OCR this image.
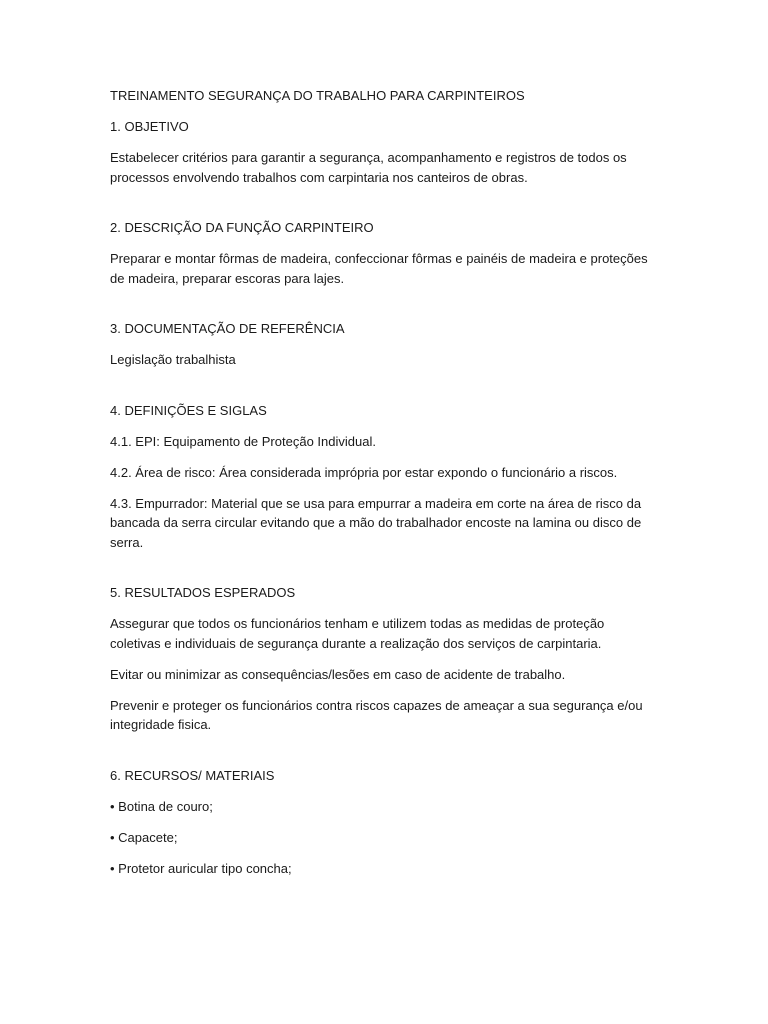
TREINAMENTO SEGURANÇA DO TRABALHO PARA CARPINTEIROS

1. OBJETIVO

Estabelecer critérios para garantir a segurança, acompanhamento e registros de todos os processos envolvendo trabalhos com carpintaria nos canteiros de obras.

2. DESCRIÇÃO DA FUNÇÃO CARPINTEIRO

Preparar e montar fôrmas de madeira, confeccionar fôrmas e painéis de madeira e proteções de madeira, preparar escoras para lajes.

3. DOCUMENTAÇÃO DE REFERÊNCIA

Legislação trabalhista

4. DEFINIÇÕES E SIGLAS

4.1. EPI: Equipamento de Proteção Individual.

4.2. Área de risco: Área considerada imprópria por estar expondo o funcionário a riscos.

4.3. Empurrador: Material que se usa para empurrar a madeira em corte na área de risco da bancada da serra circular evitando que a mão do trabalhador encoste na lamina ou disco de serra.

5. RESULTADOS ESPERADOS

Assegurar que todos os funcionários tenham e utilizem todas as medidas de proteção coletivas e individuais de segurança durante a realização dos serviços de carpintaria.

Evitar ou minimizar as consequências/lesões em caso de acidente de trabalho.

Prevenir e proteger os funcionários contra riscos capazes de ameaçar a sua segurança e/ou integridade fisica.

6. RECURSOS/ MATERIAIS

• Botina de couro;

• Capacete;

• Protetor auricular tipo concha;
